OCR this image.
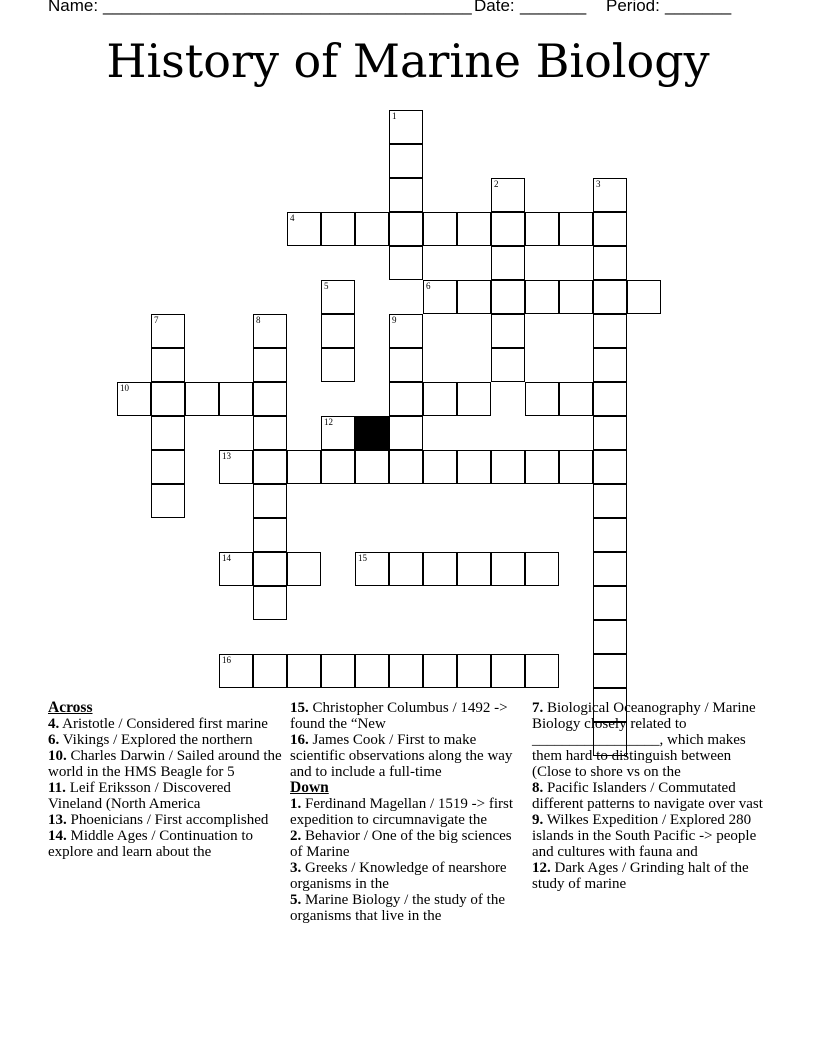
Name: _______________________________________ Date: _______ Period: _______
History of Marine Biology
1
4
2	3
6
5
7	8	9
10
12
13
14	15
16
Across
4. Aristotle / Considered first marine
6. Vikings / Explored the northern
10. Charles Darwin / Sailed around the world in the HMS Beagle for 5
11. Leif Eriksson / Discovered Vineland (North America
13. Phoenicians / First accomplished
14. Middle Ages / Continuation to explore and learn about the
15. Christopher Columbus / 1492 -> found the “New
16. James Cook / First to make scientific observations along the way and to include a full-time
Down
1. Ferdinand Magellan / 1519 -> first expedition to circumnavigate the
2. Behavior / One of the big sciences of Marine
3. Greeks / Knowledge of nearshore organisms in the
5. Marine Biology / the study of the organisms that live in the
7. Biological Oceanography / Marine Biology closely related to _________________, which makes them hard to distinguish between (Close to shore vs on the
8. Pacific Islanders / Commutated different patterns to navigate over vast
9. Wilkes Expedition / Explored 280 islands in the South Pacific -> people and cultures with fauna and
12. Dark Ages / Grinding halt of the study of marine
